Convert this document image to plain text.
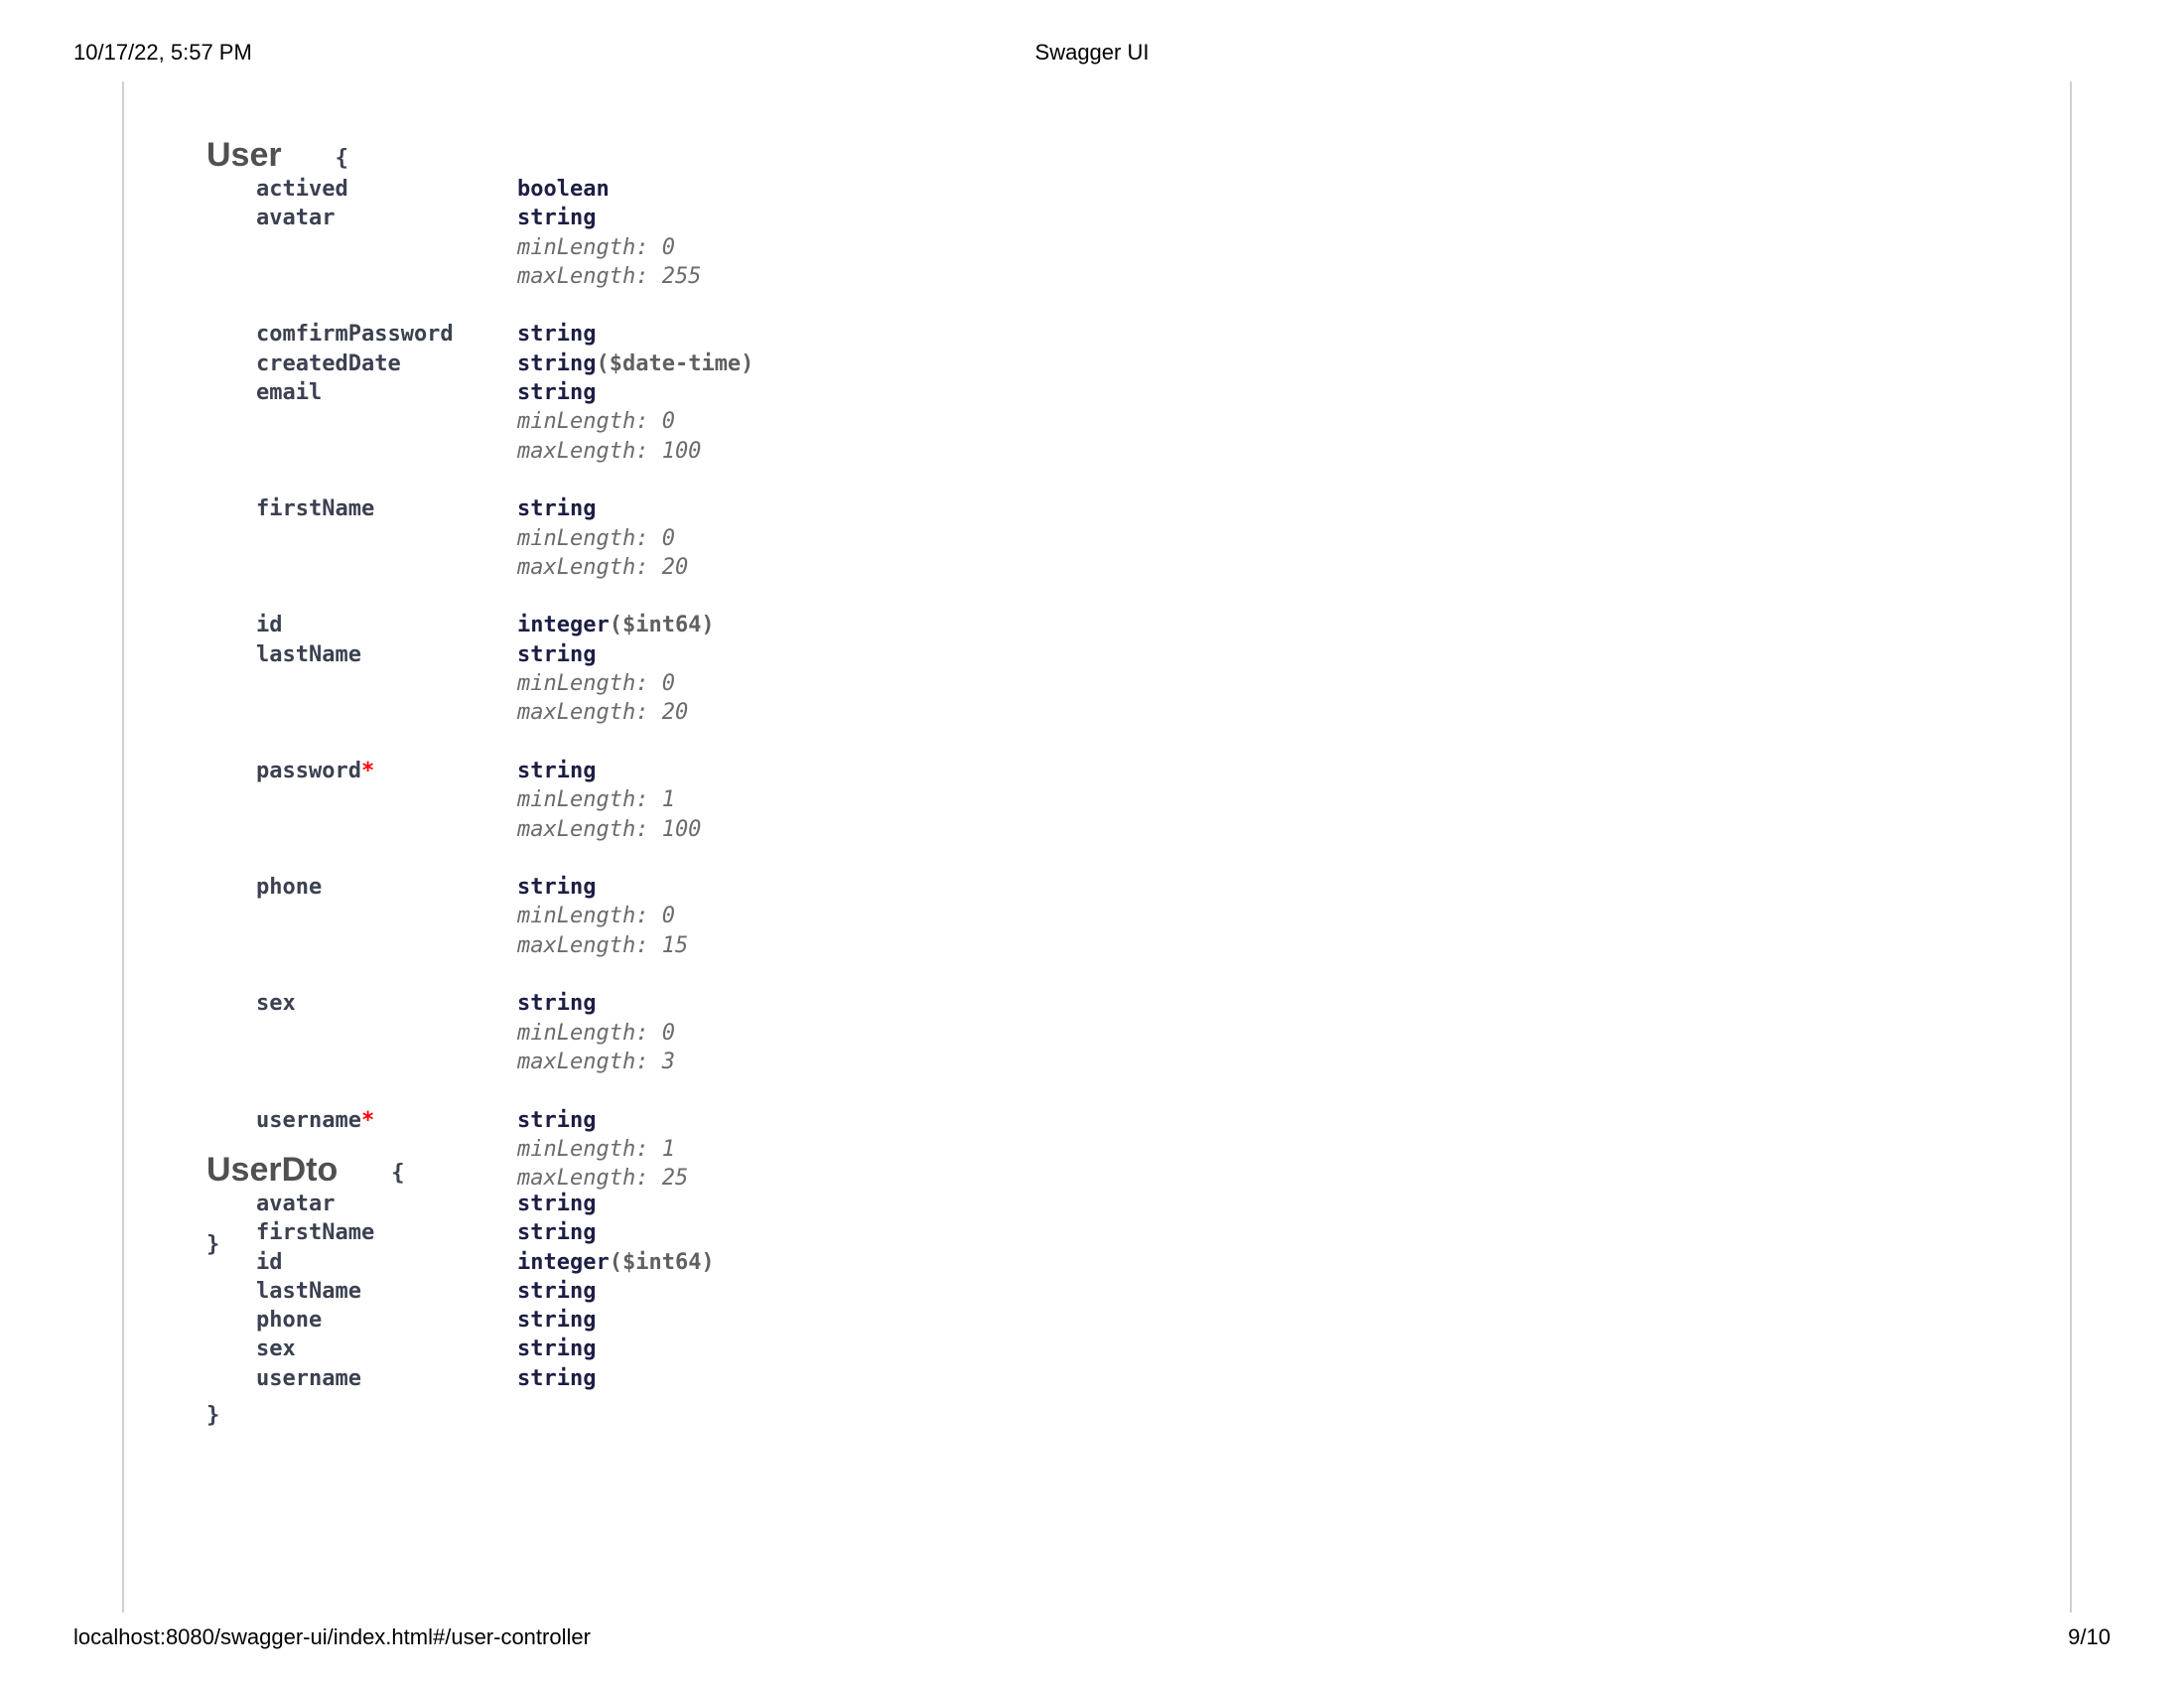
10/17/22, 5:57 PM	Swagger UI
User {
actived	boolean
avatar	string
minLength: 0
maxLength: 255
comfirmPassword	string
createdDate	string($date-time)
email	string
minLength: 0
maxLength: 100
firstName	string
minLength: 0
maxLength: 20
id	integer($int64)
lastName	string
minLength: 0
maxLength: 20
password*	string
minLength: 1
maxLength: 100
phone	string
minLength: 0
maxLength: 15
sex	string
minLength: 0
maxLength: 3
username*	string
minLength: 1
maxLength: 25
}
UserDto {
avatar	string
firstName	string
id	integer($int64)
lastName	string
phone	string
sex	string
username	string
}
localhost:8080/swagger-ui/index.html#/user-controller	9/10
